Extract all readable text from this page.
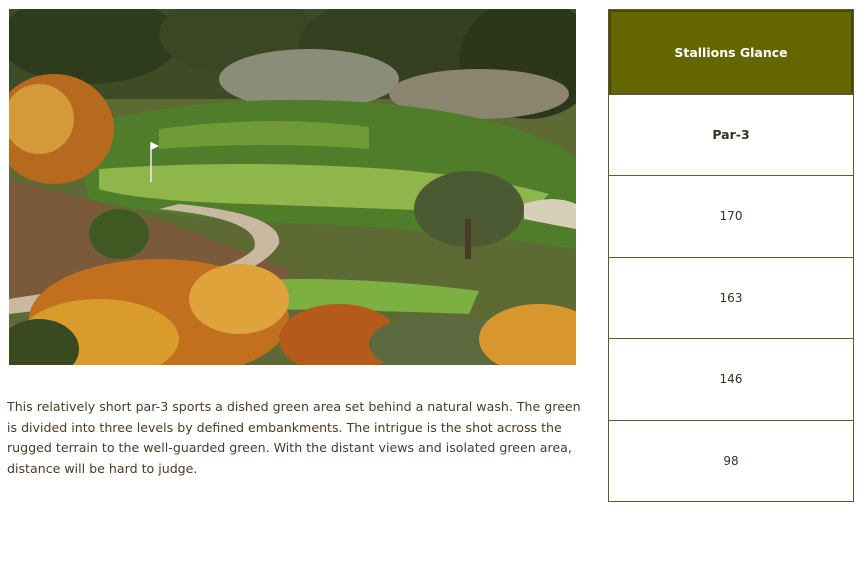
This relatively short par-3 sports a dished green area set behind a natural wash. The green is divided into three levels by defined embankments. The intrigue is the shot across the rugged terrain to the well-guarded green. With the distant views and isolated green area, distance will be hard to judge.

Stallions Glance
Par-3
170
163
146
98
